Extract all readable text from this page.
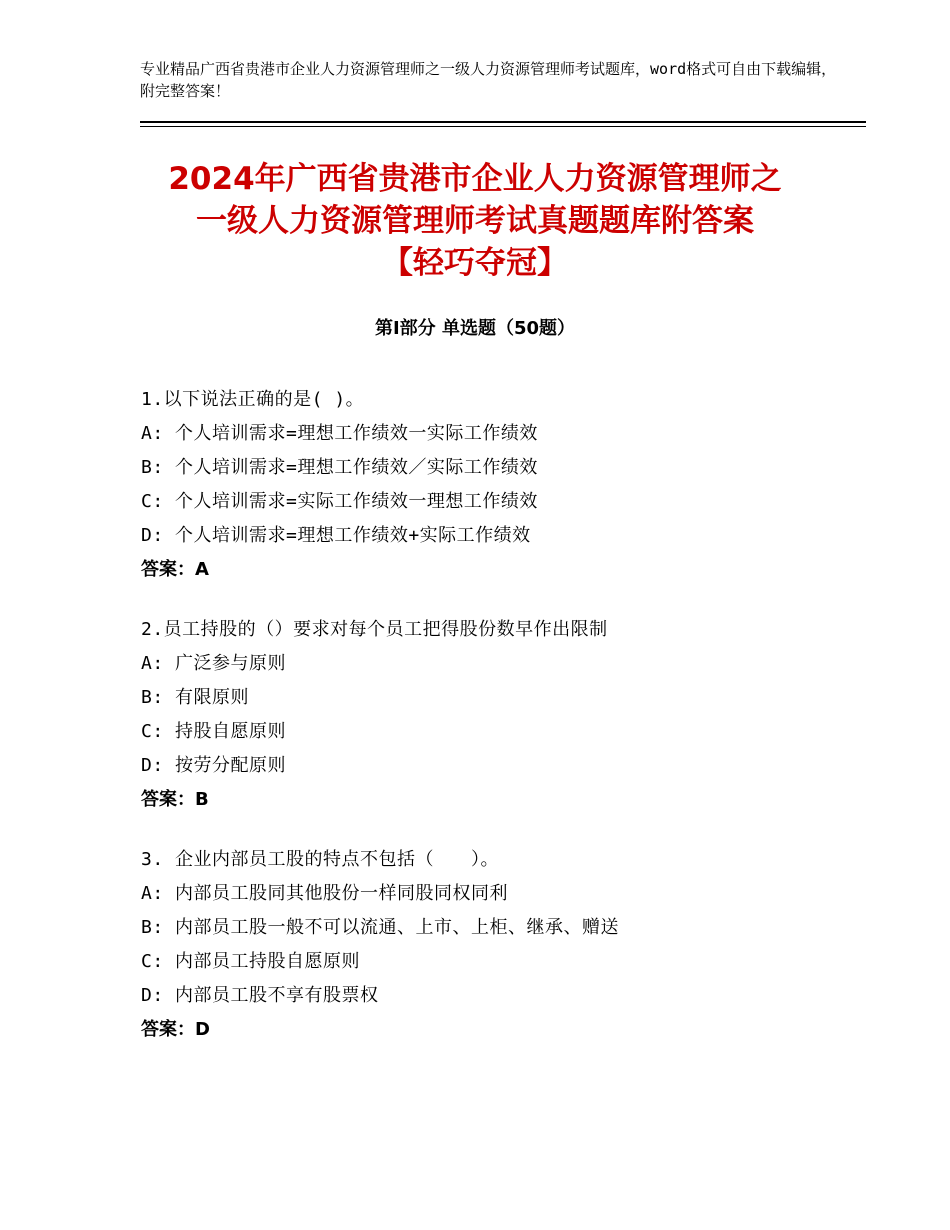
专业精品广西省贵港市企业人力资源管理师之一级人力资源管理师考试题库，word格式可自由下载编辑，附完整答案！
2024年广西省贵港市企业人力资源管理师之
一级人力资源管理师考试真题题库附答案
【轻巧夺冠】
第Ⅰ部分 单选题（50题）
1.以下说法正确的是( )。
A: 个人培训需求=理想工作绩效一实际工作绩效
B: 个人培训需求=理想工作绩效／实际工作绩效
C: 个人培训需求=实际工作绩效一理想工作绩效
D: 个人培训需求=理想工作绩效+实际工作绩效
答案：A
2.员工持股的（）要求对每个员工把得股份数早作出限制
A: 广泛参与原则
B: 有限原则
C: 持股自愿原则
D: 按劳分配原则
答案：B
3. 企业内部员工股的特点不包括（　　）。
A: 内部员工股同其他股份一样同股同权同利
B: 内部员工股一般不可以流通、上市、上柜、继承、赠送
C: 内部员工持股自愿原则
D: 内部员工股不享有股票权
答案：D
